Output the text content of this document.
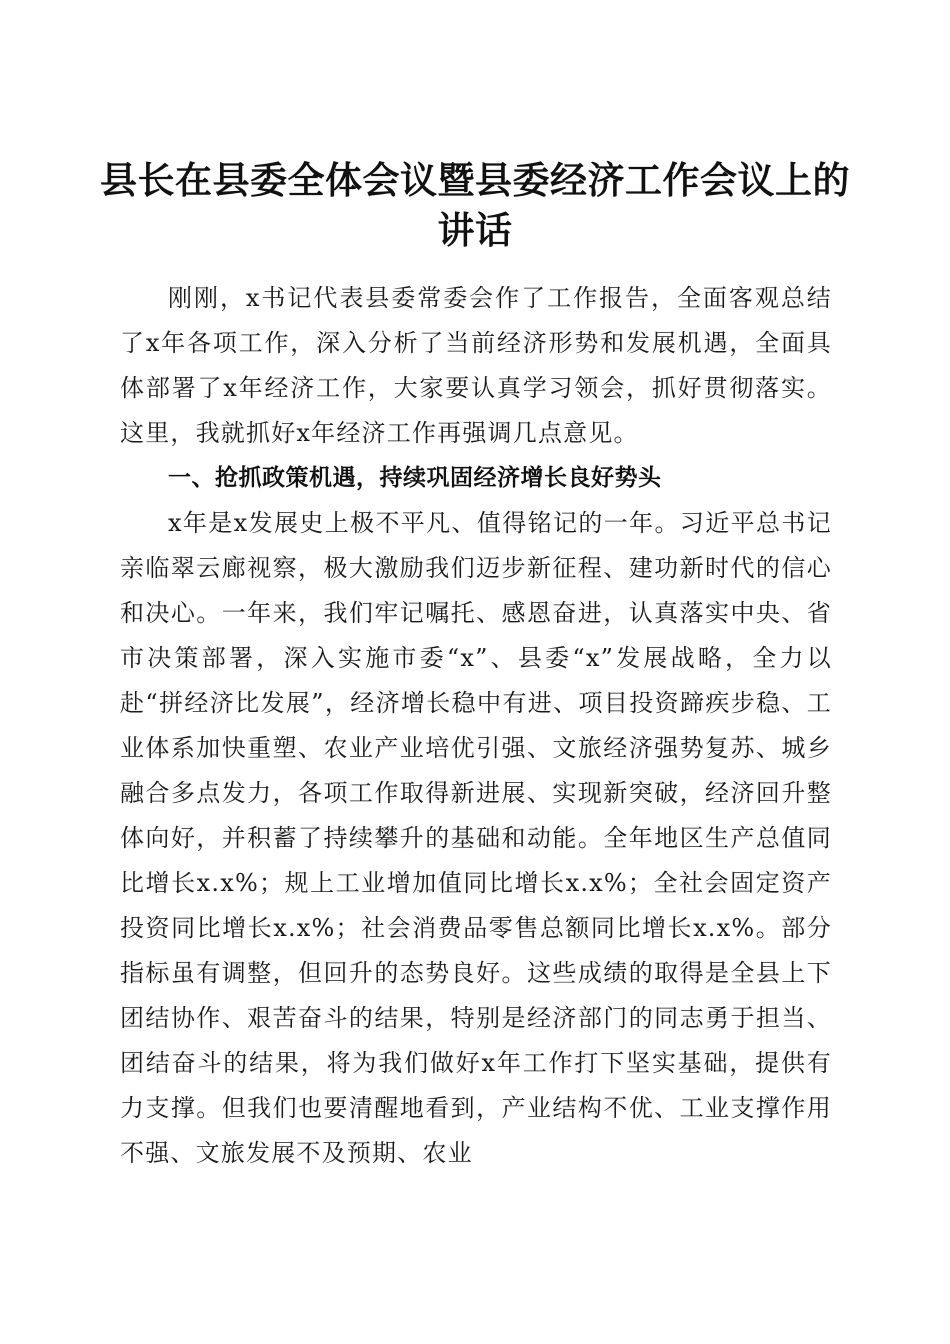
县长在县委全体会议暨县委经济工作会议上的讲话

刚刚，x书记代表县委常委会作了工作报告，全面客观总结了x年各项工作，深入分析了当前经济形势和发展机遇，全面具体部署了x年经济工作，大家要认真学习领会，抓好贯彻落实。这里，我就抓好x年经济工作再强调几点意见。

一、抢抓政策机遇，持续巩固经济增长良好势头

x年是x发展史上极不平凡、值得铭记的一年。习近平总书记亲临翠云廊视察，极大激励我们迈步新征程、建功新时代的信心和决心。一年来，我们牢记嘱托、感恩奋进，认真落实中央、省市决策部署，深入实施市委“x”、县委“x”发展战略，全力以赴“拼经济比发展”，经济增长稳中有进、项目投资蹄疾步稳、工业体系加快重塑、农业产业培优引强、文旅经济强势复苏、城乡融合多点发力，各项工作取得新进展、实现新突破，经济回升整体向好，并积蓄了持续攀升的基础和动能。全年地区生产总值同比增长x.x%；规上工业增加值同比增长x.x%；全社会固定资产投资同比增长x.x%；社会消费品零售总额同比增长x.x%。部分指标虽有调整，但回升的态势良好。这些成绩的取得是全县上下团结协作、艰苦奋斗的结果，特别是经济部门的同志勇于担当、团结奋斗的结果，将为我们做好x年工作打下坚实基础，提供有力支撑。但我们也要清醒地看到，产业结构不优、工业支撑作用不强、文旅发展不及预期、农业
